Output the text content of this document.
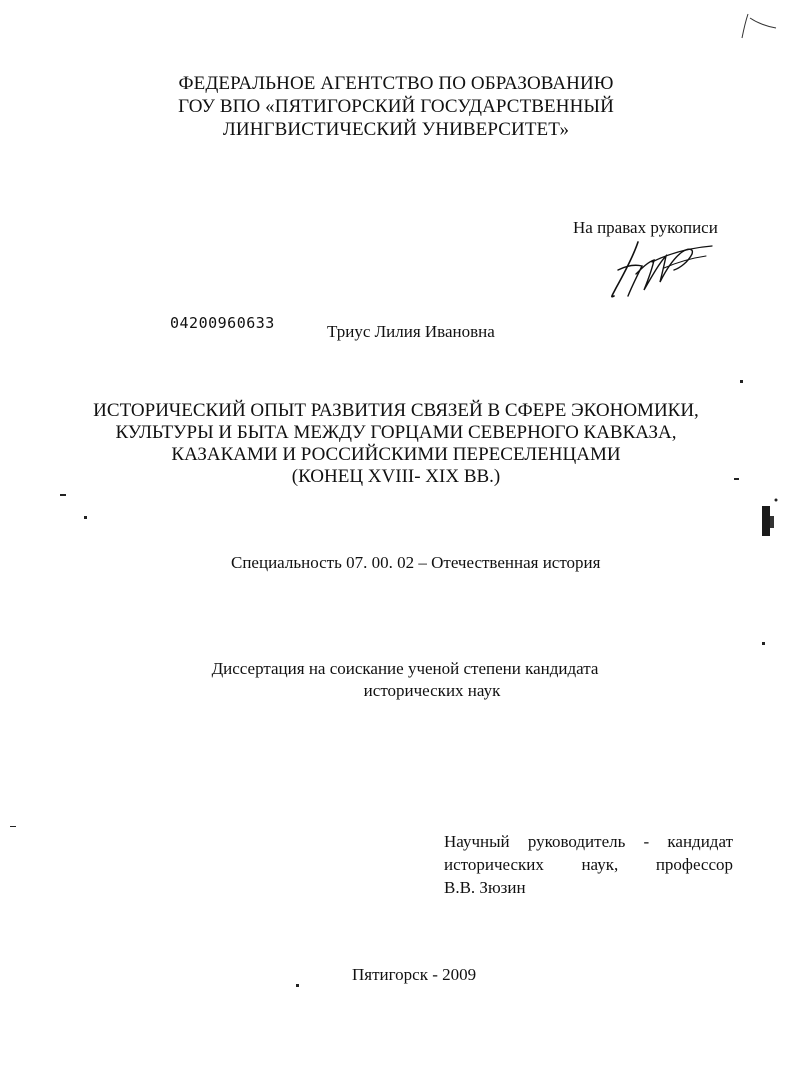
ФЕДЕРАЛЬНОЕ АГЕНТСТВО ПО ОБРАЗОВАНИЮ
ГОУ ВПО «ПЯТИГОРСКИЙ ГОСУДАРСТВЕННЫЙ
ЛИНГВИСТИЧЕСКИЙ УНИВЕРСИТЕТ»
На правах рукописи
04200960633	Триус Лилия Ивановна
ИСТОРИЧЕСКИЙ ОПЫТ РАЗВИТИЯ СВЯЗЕЙ В СФЕРЕ ЭКОНОМИКИ,
КУЛЬТУРЫ И БЫТА МЕЖДУ ГОРЦАМИ СЕВЕРНОГО КАВКАЗА,
КАЗАКАМИ И РОССИЙСКИМИ ПЕРЕСЕЛЕНЦАМИ
(КОНЕЦ XVIII- XIX ВВ.)
Специальность 07. 00. 02 – Отечественная история
Диссертация на соискание ученой степени кандидата
исторических наук
Научный руководитель - кандидат
исторических наук, профессор
В.В. Зюзин
Пятигорск - 2009
